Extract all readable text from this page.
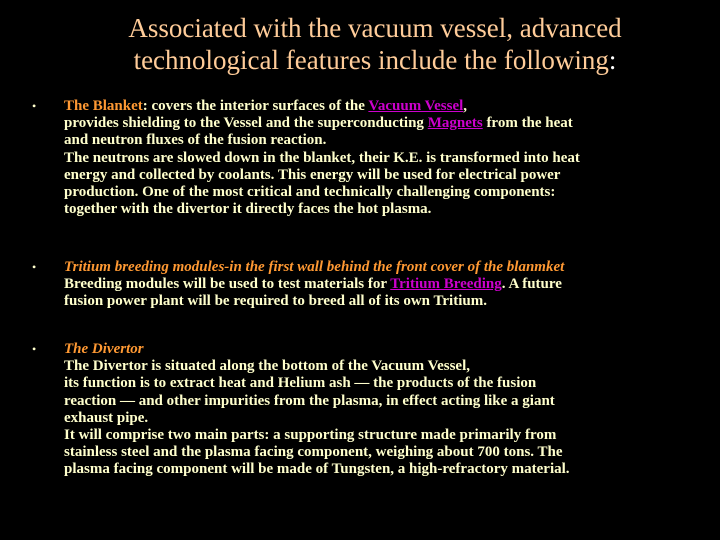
Associated with the vacuum vessel, advanced
technological features include the following:
• The Blanket: covers the interior surfaces of the Vacuum Vessel,
provides shielding to the Vessel and the superconducting Magnets from the heat
and neutron fluxes of the fusion reaction.
The neutrons are slowed down in the blanket, their K.E. is transformed into heat
energy and collected by coolants. This energy will be used for electrical power
production. One of the most critical and technically challenging components:
together with the divertor it directly faces the hot plasma.
• Tritium breeding modules-in the first wall behind the front cover of the blanmket
Breeding modules will be used to test materials for Tritium Breeding. A future
fusion power plant will be required to breed all of its own Tritium.
• The Divertor
The Divertor is situated along the bottom of the Vacuum Vessel,
its function is to extract heat and Helium ash — the products of the fusion
reaction — and other impurities from the plasma, in effect acting like a giant
exhaust pipe.
It will comprise two main parts: a supporting structure made primarily from
stainless steel and the plasma facing component, weighing about 700 tons. The
plasma facing component will be made of Tungsten, a high-refractory material.
